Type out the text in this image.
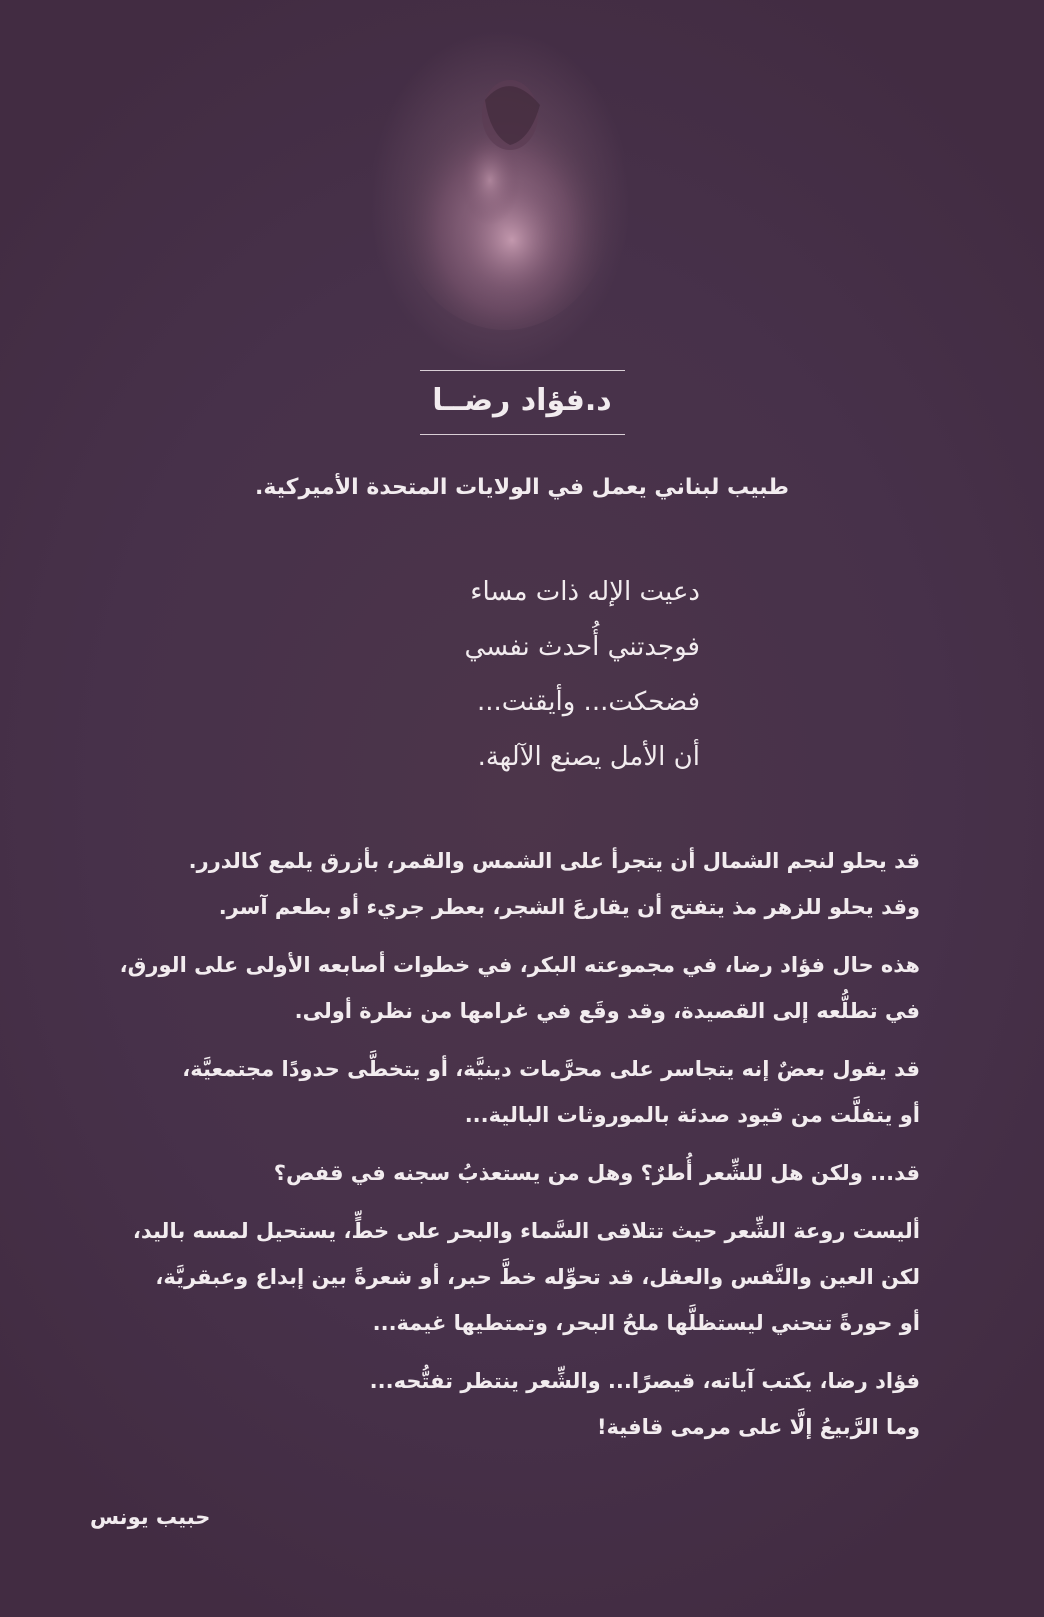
د.فؤاد رضــا
طبيب لبناني يعمل في الولايات المتحدة الأميركية.
دعيت الإله ذات مساء
فوجدتني أُحدث نفسي
فضحكت... وأيقنت...
أن الأمل يصنع الآلهة.
قد يحلو لنجم الشمال أن يتجرأ على الشمس والقمر، بأزرق يلمع كالدرر.
وقد يحلو للزهر مذ يتفتح أن يقارعَ الشجر، بعطر جريء أو بطعم آسر.
هذه حال فؤاد رضا، في مجموعته البكر، في خطوات أصابعه الأولى على الورق،
في تطلُّعه إلى القصيدة، وقد وقَع في غرامها من نظرة أولى.
قد يقول بعضٌ إنه يتجاسر على محرَّمات دينيَّة، أو يتخطَّى حدودًا مجتمعيَّة،
أو يتفلَّت من قيود صدئة بالموروثات البالية...
قد... ولكن هل للشِّعر أُطرٌ؟ وهل من يستعذبُ سجنه في قفص؟
أليست روعة الشِّعر حيث تتلاقى السَّماء والبحر على خطٍّ، يستحيل لمسه باليد،
لكن العين والنَّفس والعقل، قد تحوِّله خطَّ حبر، أو شعرةً بين إبداع وعبقريَّة،
أو حورةً تنحني ليستظلَّها ملحُ البحر، وتمتطيها غيمة...
فؤاد رضا، يكتب آياته، قيصرًا... والشِّعر ينتظر تفتُّحه...
وما الرَّبيعُ إلَّا على مرمى قافية!
حبيب يونس
